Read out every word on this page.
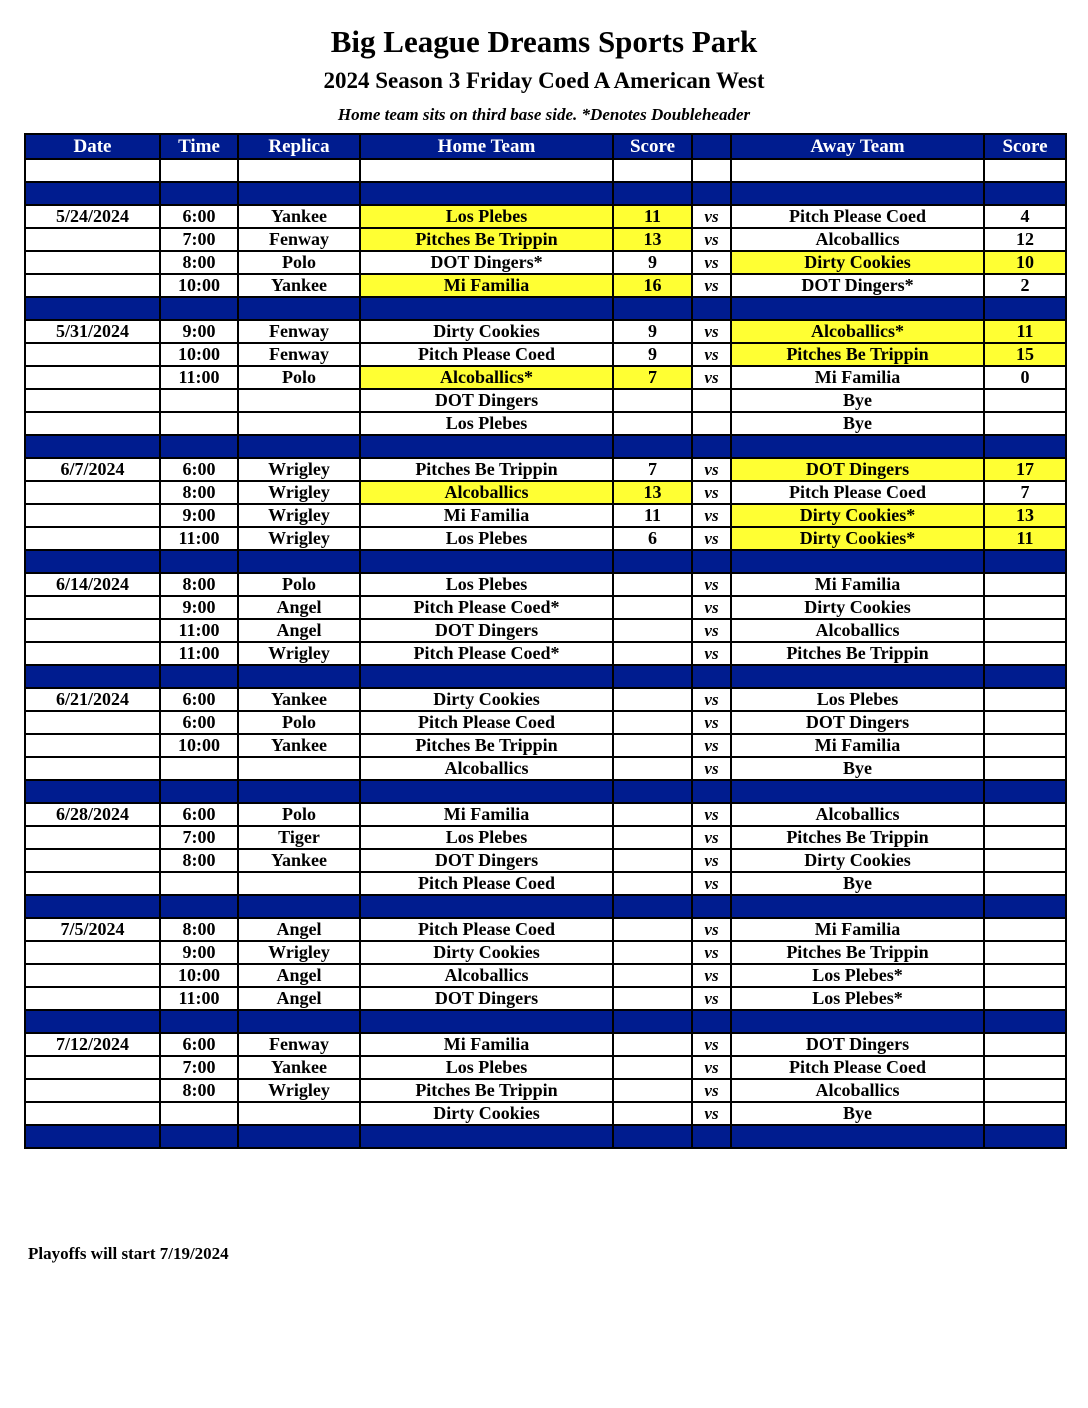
Big League Dreams Sports Park
2024 Season 3 Friday Coed A American West
Home team sits on third base side. *Denotes Doubleheader
Date	Time	Replica	Home Team	Score		Away Team	Score

5/24/2024	6:00	Yankee	Los Plebes	11	vs	Pitch Please Coed	4
	7:00	Fenway	Pitches Be Trippin	13	vs	Alcoballics	12
	8:00	Polo	DOT Dingers*	9	vs	Dirty Cookies	10
	10:00	Yankee	Mi Familia	16	vs	DOT Dingers*	2

5/31/2024	9:00	Fenway	Dirty Cookies	9	vs	Alcoballics*	11
	10:00	Fenway	Pitch Please Coed	9	vs	Pitches Be Trippin	15
	11:00	Polo	Alcoballics*	7	vs	Mi Familia	0
			DOT Dingers			Bye	
			Los Plebes			Bye	

6/7/2024	6:00	Wrigley	Pitches Be Trippin	7	vs	DOT Dingers	17
	8:00	Wrigley	Alcoballics	13	vs	Pitch Please Coed	7
	9:00	Wrigley	Mi Familia	11	vs	Dirty Cookies*	13
	11:00	Wrigley	Los Plebes	6	vs	Dirty Cookies*	11

6/14/2024	8:00	Polo	Los Plebes		vs	Mi Familia	
	9:00	Angel	Pitch Please Coed*		vs	Dirty Cookies	
	11:00	Angel	DOT Dingers		vs	Alcoballics	
	11:00	Wrigley	Pitch Please Coed*		vs	Pitches Be Trippin	

6/21/2024	6:00	Yankee	Dirty Cookies		vs	Los Plebes	
	6:00	Polo	Pitch Please Coed		vs	DOT Dingers	
	10:00	Yankee	Pitches Be Trippin		vs	Mi Familia	
			Alcoballics		vs	Bye	

6/28/2024	6:00	Polo	Mi Familia		vs	Alcoballics	
	7:00	Tiger	Los Plebes		vs	Pitches Be Trippin	
	8:00	Yankee	DOT Dingers		vs	Dirty Cookies	
			Pitch Please Coed		vs	Bye	

7/5/2024	8:00	Angel	Pitch Please Coed		vs	Mi Familia	
	9:00	Wrigley	Dirty Cookies		vs	Pitches Be Trippin	
	10:00	Angel	Alcoballics		vs	Los Plebes*	
	11:00	Angel	DOT Dingers		vs	Los Plebes*	

7/12/2024	6:00	Fenway	Mi Familia		vs	DOT Dingers	
	7:00	Yankee	Los Plebes		vs	Pitch Please Coed	
	8:00	Wrigley	Pitches Be Trippin		vs	Alcoballics	
			Dirty Cookies		vs	Bye	

Playoffs will start 7/19/2024
